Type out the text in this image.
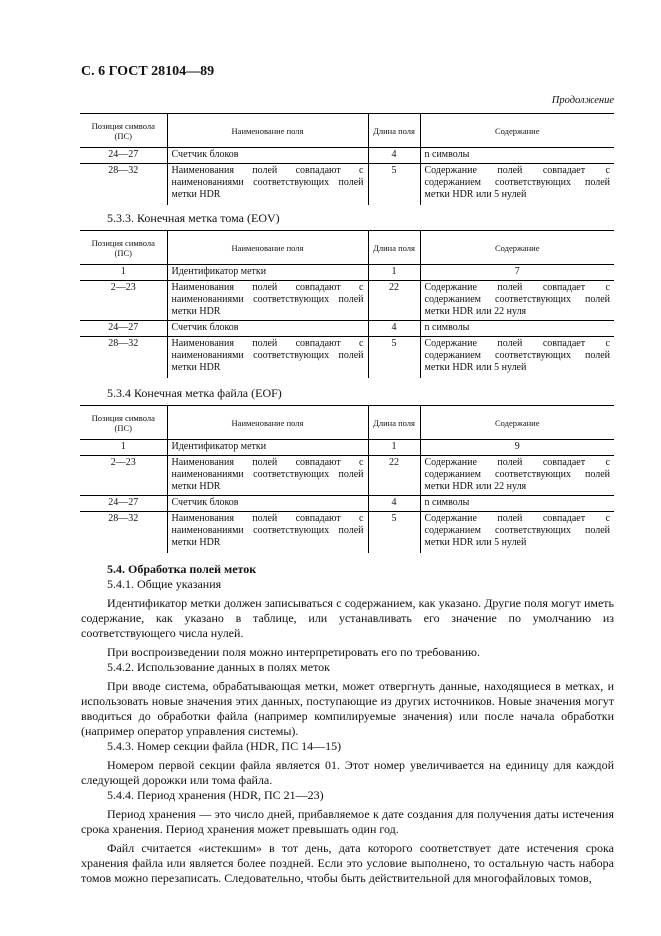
С. 6 ГОСТ 28104—89
Продолжение
Позиция символа (ПС)	Наименование поля	Длина поля	Содержание
24—27	Счетчик блоков	4	n символы
28—32	Наименования полей совпадают с наименованиями соответствующих полей метки HDR	5	Содержание полей совпадает с содержанием соответствующих полей метки HDR или 5 нулей
5.3.3. Конечная метка тома (EOV)
Позиция символа (ПС)	Наименование поля	Длина поля	Содержание
1	Идентификатор метки	1	7
2—23	Наименования полей совпадают с наименованиями соответствующих полей метки HDR	22	Содержание полей совпадает с содержанием соответствующих полей метки HDR или 22 нуля
24—27	Счетчик блоков	4	n символы
28—32	Наименования полей совпадают с наименованиями соответствующих полей метки HDR	5	Содержание полей совпадает с содержанием соответствующих полей метки HDR или 5 нулей
5.3.4 Конечная метка файла (EOF)
Позиция символа (ПС)	Наименование поля	Длина поля	Содержание
1	Идентификатор метки	1	9
2—23	Наименования полей совпадают с наименованиями соответствующих полей метки HDR	22	Содержание полей совпадает с содержанием соответствующих полей метки HDR или 22 нуля
24—27	Счетчик блоков	4	n символы
28—32	Наименования полей совпадают с наименованиями соответствующих полей метки HDR	5	Содержание полей совпадает с содержанием соответствующих полей метки HDR или 5 нулей

5.4. Обработка полей меток

5.4.1. Общие указания

Идентификатор метки должен записываться с содержанием, как указано. Другие поля могут иметь содержание, как указано в таблице, или устанавливать его значение по умолчанию из соответствующего числа нулей.

При воспроизведении поля можно интерпретировать его по требованию.

5.4.2. Использование данных в полях меток

При вводе система, обрабатывающая метки, может отвергнуть данные, находящиеся в метках, и использовать новые значения этих данных, поступающие из других источников. Новые значения могут вводиться до обработки файла (например компилируемые значения) или после начала обработки (например оператор управления системы).

5.4.3. Номер секции файла (HDR, ПС 14—15)

Номером первой секции файла является 01. Этот номер увеличивается на единицу для каждой следующей дорожки или тома файла.

5.4.4. Период хранения (HDR, ПС 21—23)

Период хранения — это число дней, прибавляемое к дате создания для получения даты истечения срока хранения. Период хранения может превышать один год.

Файл считается «истекшим» в тот день, дата которого соответствует дате истечения срока хранения файла или является более поздней. Если это условие выполнено, то остальную часть набора томов можно перезаписать. Следовательно, чтобы быть действительной для многофайловых томов,
